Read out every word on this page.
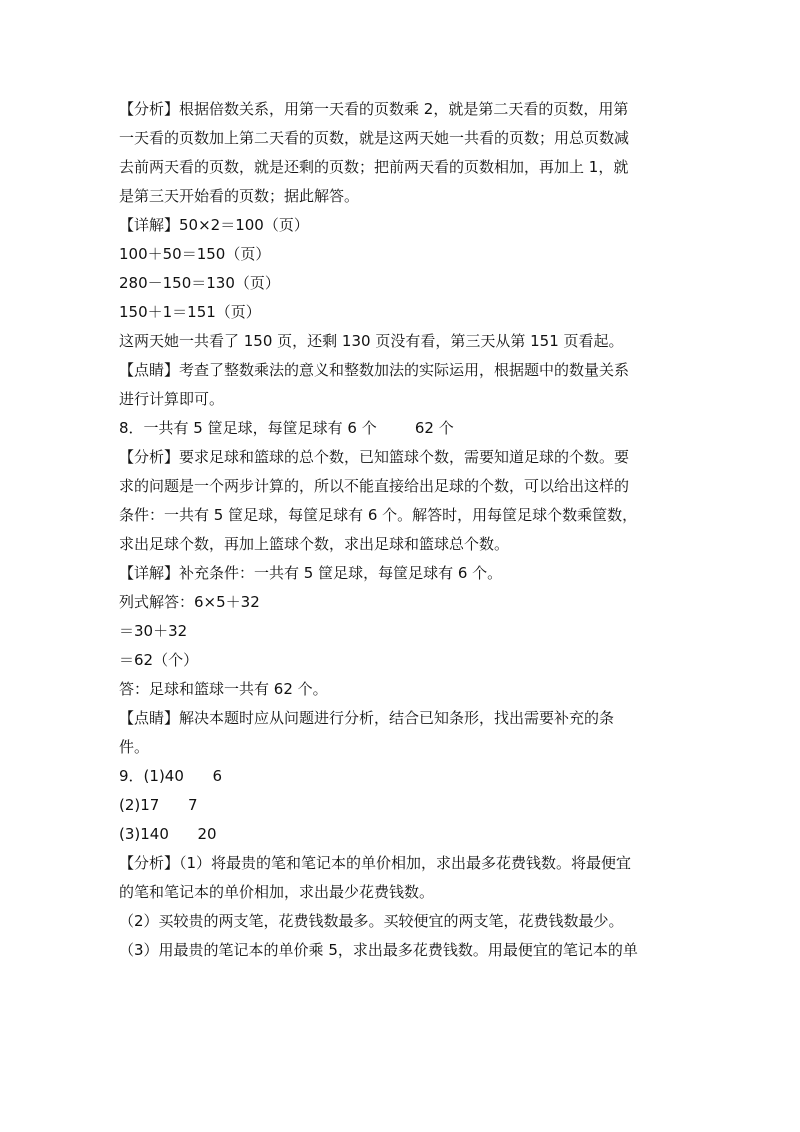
【分析】根据倍数关系，用第一天看的页数乘 2，就是第二天看的页数，用第

一天看的页数加上第二天看的页数，就是这两天她一共看的页数；用总页数减

去前两天看的页数，就是还剩的页数；把前两天看的页数相加，再加上 1，就

是第三天开始看的页数；据此解答。

【详解】50×2＝100（页）

100＋50＝150（页）

280－150＝130（页）

150＋1＝151（页）

这两天她一共看了 150 页，还剩 130 页没有看，第三天从第 151 页看起。

【点睛】考查了整数乘法的意义和整数加法的实际运用，根据题中的数量关系

进行计算即可。

8．一共有 5 筐足球，每筐足球有 6 个        62 个

【分析】要求足球和篮球的总个数，已知篮球个数，需要知道足球的个数。要

求的问题是一个两步计算的，所以不能直接给出足球的个数，可以给出这样的

条件：一共有 5 筐足球，每筐足球有 6 个。解答时，用每筐足球个数乘筐数，

求出足球个数，再加上篮球个数，求出足球和篮球总个数。

【详解】补充条件：一共有 5 筐足球，每筐足球有 6 个。

列式解答：6×5＋32

＝30＋32

＝62（个）

答：足球和篮球一共有 62 个。

【点睛】解决本题时应从问题进行分析，结合已知条形，找出需要补充的条

件。

9．(1)40      6

(2)17      7

(3)140      20

【分析】（1）将最贵的笔和笔记本的单价相加，求出最多花费钱数。将最便宜

的笔和笔记本的单价相加，求出最少花费钱数。

（2）买较贵的两支笔，花费钱数最多。买较便宜的两支笔，花费钱数最少。

（3）用最贵的笔记本的单价乘 5，求出最多花费钱数。用最便宜的笔记本的单
